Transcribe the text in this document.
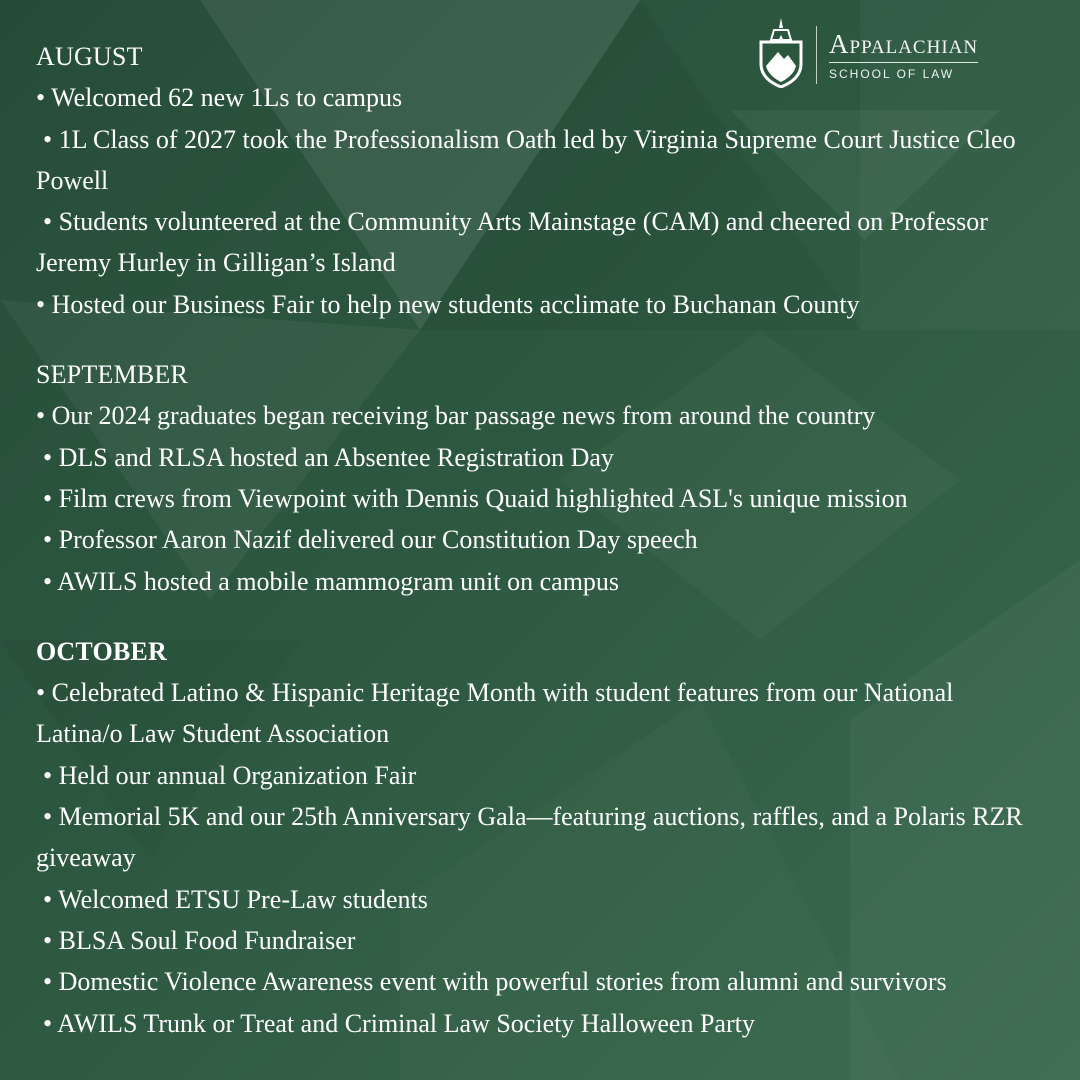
Appalachian
SCHOOL OF LAW
AUGUST

• Welcomed 62 new 1Ls to campus

• 1L Class of 2027 took the Professionalism Oath led by Virginia Supreme Court Justice Cleo Powell

• Students volunteered at the Community Arts Mainstage (CAM) and cheered on Professor Jeremy Hurley in Gilligan’s Island

• Hosted our Business Fair to help new students acclimate to Buchanan County

SEPTEMBER

• Our 2024 graduates began receiving bar passage news from around the country

• DLS and RLSA hosted an Absentee Registration Day

• Film crews from Viewpoint with Dennis Quaid highlighted ASL's unique mission

• Professor Aaron Nazif delivered our Constitution Day speech

• AWILS hosted a mobile mammogram unit on campus

OCTOBER

• Celebrated Latino & Hispanic Heritage Month with student features from our National Latina/o Law Student Association

• Held our annual Organization Fair

• Memorial 5K and our 25th Anniversary Gala—featuring auctions, raffles, and a Polaris RZR giveaway

• Welcomed ETSU Pre-Law students

• BLSA Soul Food Fundraiser

• Domestic Violence Awareness event with powerful stories from alumni and survivors

• AWILS Trunk or Treat and Criminal Law Society Halloween Party
